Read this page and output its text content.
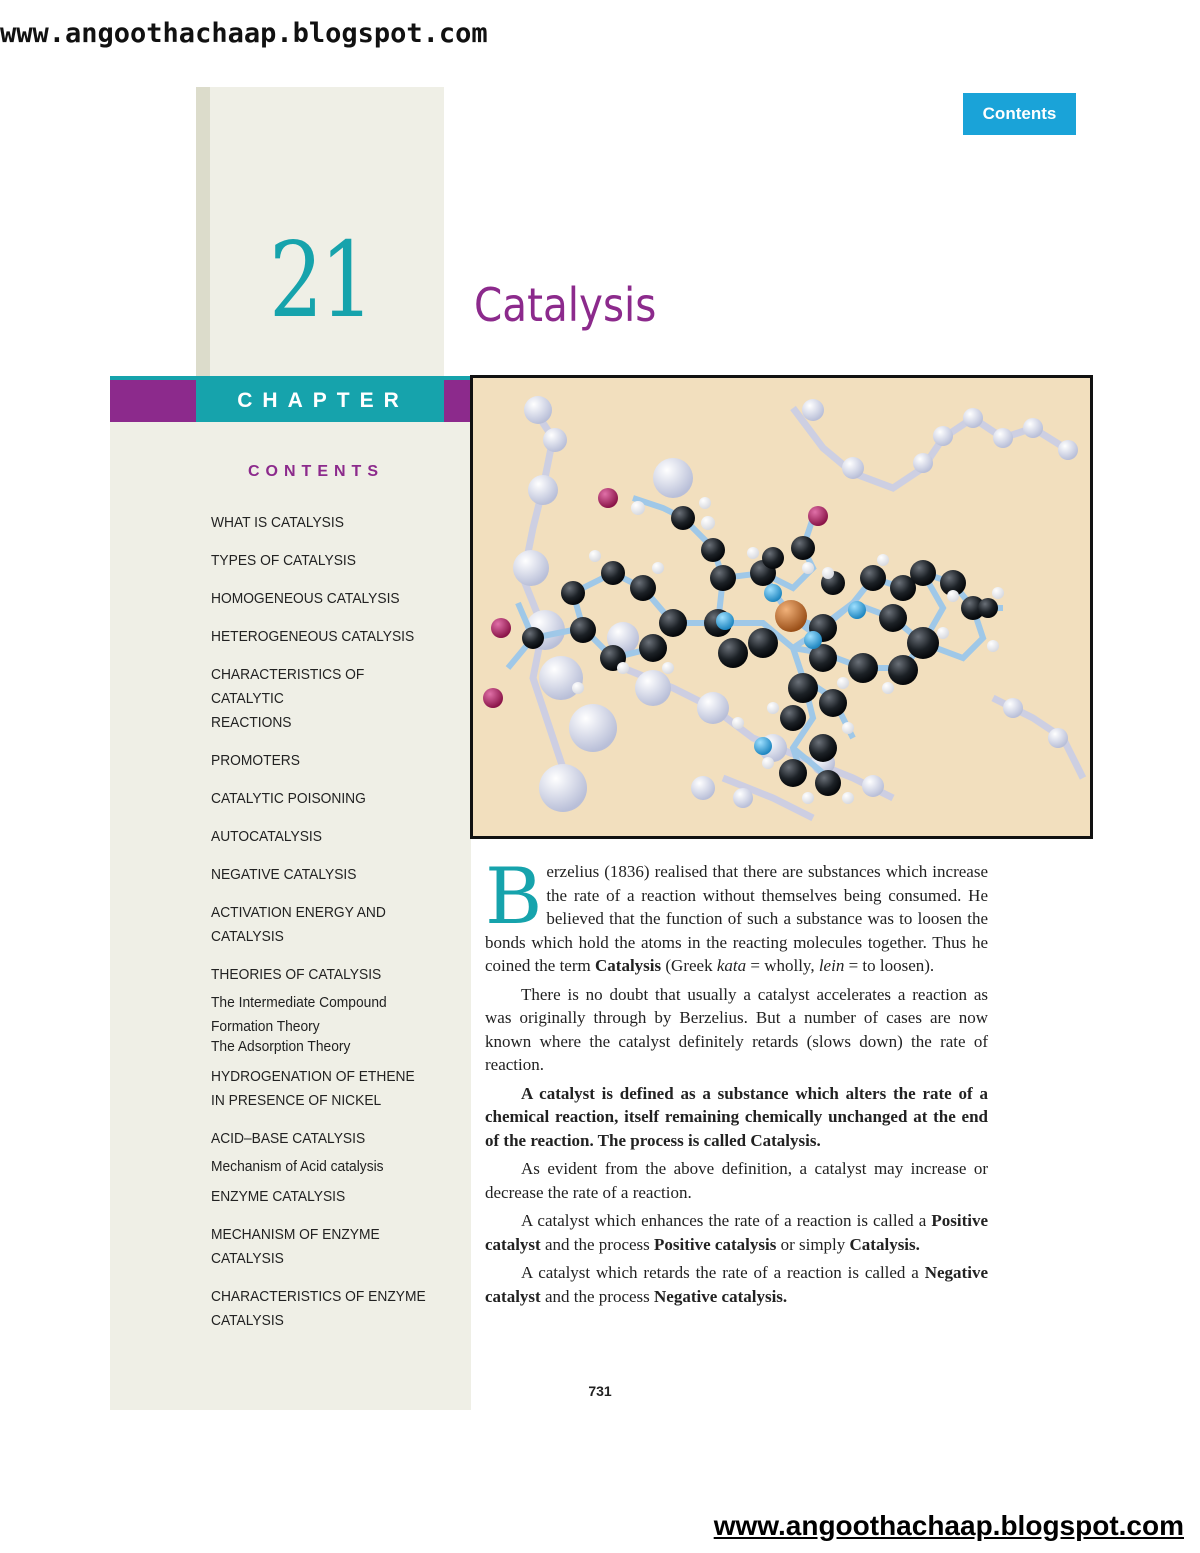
www.angoothachaap.blogspot.com
Contents
21	Catalysis
CHAPTER
CONTENTS
WHAT IS CATALYSIS
TYPES OF CATALYSIS
HOMOGENEOUS CATALYSIS
HETEROGENEOUS CATALYSIS
CHARACTERISTICS OF CATALYTIC
REACTIONS
PROMOTERS
CATALYTIC POISONING
AUTOCATALYSIS
NEGATIVE CATALYSIS
ACTIVATION ENERGY AND
CATALYSIS
THEORIES OF CATALYSIS
The Intermediate Compound
Formation Theory
The Adsorption Theory
HYDROGENATION OF ETHENE
IN PRESENCE OF NICKEL
ACID–BASE CATALYSIS
Mechanism of Acid catalysis
ENZYME CATALYSIS
MECHANISM OF ENZYME
CATALYSIS
CHARACTERISTICS OF ENZYME
CATALYSIS

Berzelius (1836) realised that there are substances which increase the rate of a reaction without themselves being consumed. He believed that the function of such a substance was to loosen the bonds which hold the atoms in the reacting molecules together. Thus he coined the term Catalysis (Greek kata = wholly, lein = to loosen).

There is no doubt that usually a catalyst accelerates a reaction as was originally through by Berzelius. But a number of cases are now known where the catalyst definitely retards (slows down) the rate of reaction.

A catalyst is defined as a substance which alters the rate of a chemical reaction, itself remaining chemically unchanged at the end of the reaction. The process is called Catalysis.

As evident from the above definition, a catalyst may increase or decrease the rate of a reaction.

A catalyst which enhances the rate of a reaction is called a Positive catalyst and the process Positive catalysis or simply Catalysis.

A catalyst which retards the rate of a reaction is called a Negative catalyst and the process Negative catalysis.

731
www.angoothachaap.blogspot.com
